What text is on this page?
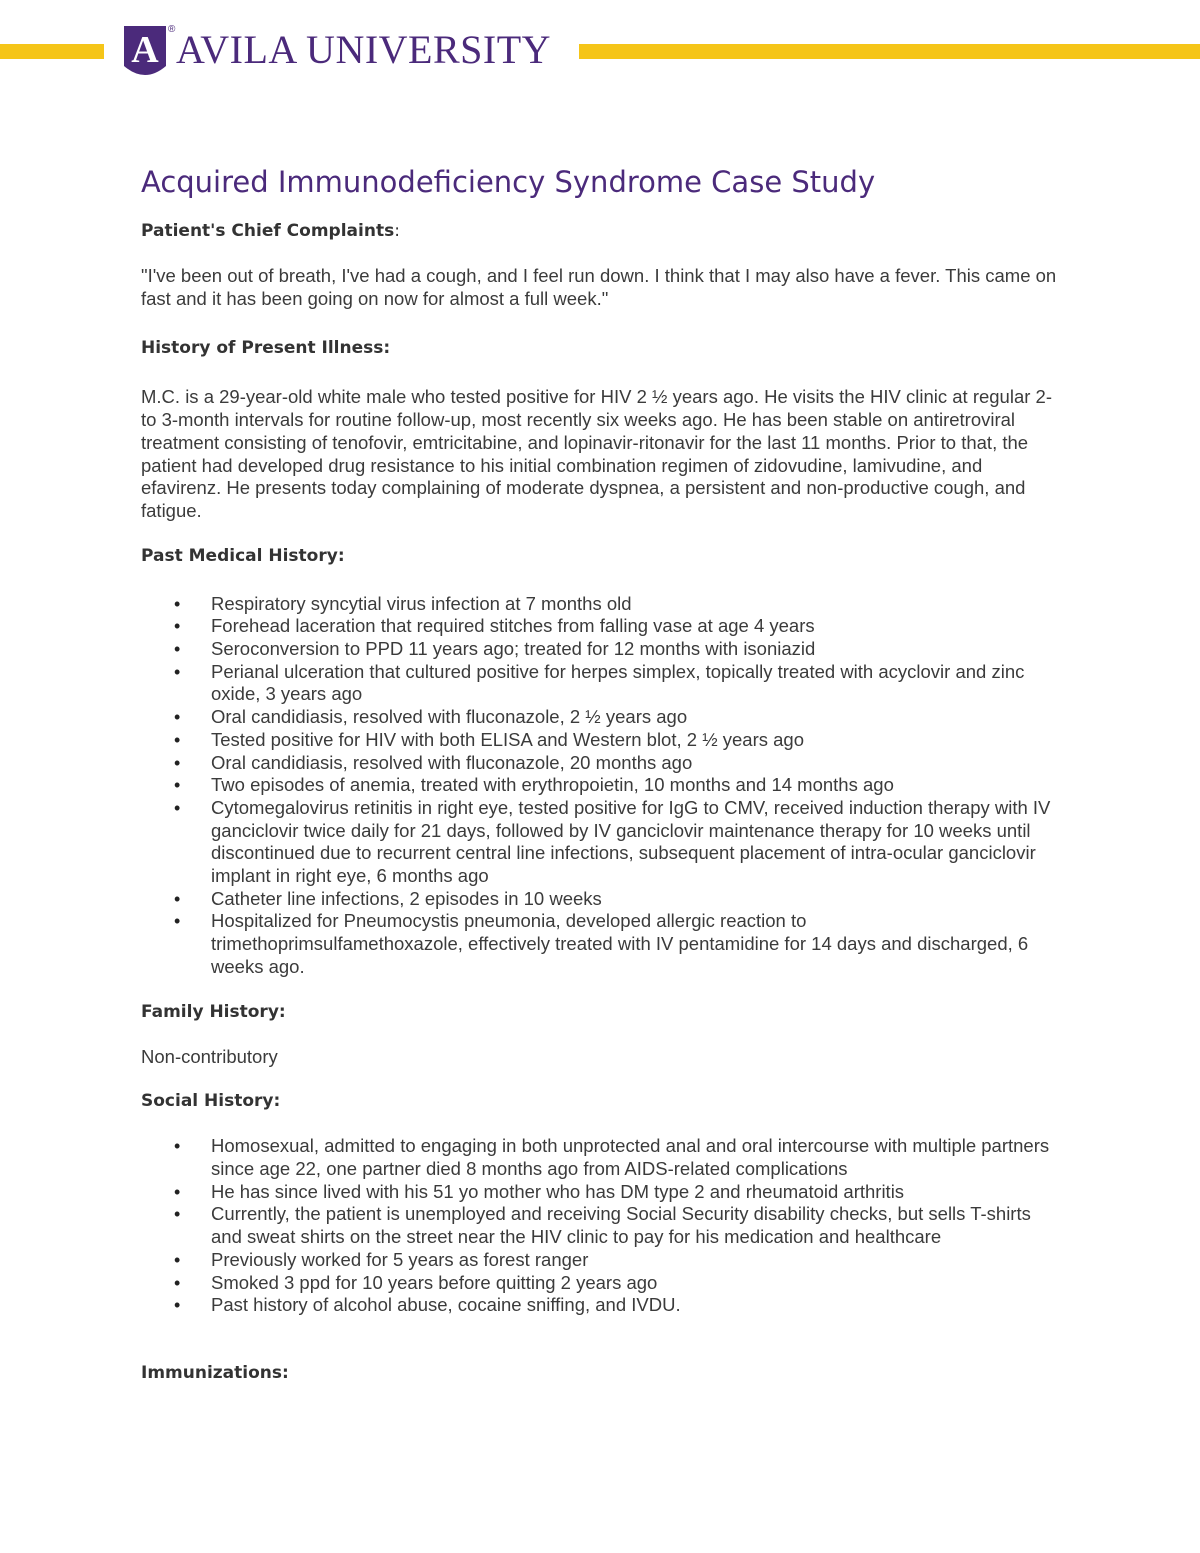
A ® AVILA UNIVERSITY
Acquired Immunodeficiency Syndrome Case Study
Patient's Chief Complaints:

"I've been out of breath, I've had a cough, and I feel run down. I think that I may also have a fever. This came on fast and it has been going on now for almost a full week."

History of Present Illness:

M.C. is a 29-year-old white male who tested positive for HIV 2 ½ years ago. He visits the HIV clinic at regular 2- to 3-month intervals for routine follow-up, most recently six weeks ago. He has been stable on antiretroviral treatment consisting of tenofovir, emtricitabine, and lopinavir-ritonavir for the last 11 months. Prior to that, the patient had developed drug resistance to his initial combination regimen of zidovudine, lamivudine, and efavirenz. He presents today complaining of moderate dyspnea, a persistent and non-productive cough, and fatigue.

Past Medical History:
• Respiratory syncytial virus infection at 7 months old
• Forehead laceration that required stitches from falling vase at age 4 years
• Seroconversion to PPD 11 years ago; treated for 12 months with isoniazid
• Perianal ulceration that cultured positive for herpes simplex, topically treated with acyclovir and zinc oxide, 3 years ago
• Oral candidiasis, resolved with fluconazole, 2 ½ years ago
• Tested positive for HIV with both ELISA and Western blot, 2 ½ years ago
• Oral candidiasis, resolved with fluconazole, 20 months ago
• Two episodes of anemia, treated with erythropoietin, 10 months and 14 months ago
• Cytomegalovirus retinitis in right eye, tested positive for IgG to CMV, received induction therapy with IV ganciclovir twice daily for 21 days, followed by IV ganciclovir maintenance therapy for 10 weeks until discontinued due to recurrent central line infections, subsequent placement of intra-ocular ganciclovir implant in right eye, 6 months ago
• Catheter line infections, 2 episodes in 10 weeks
• Hospitalized for Pneumocystis pneumonia, developed allergic reaction to trimethoprimsulfamethoxazole, effectively treated with IV pentamidine for 14 days and discharged, 6 weeks ago.
Family History:

Non-contributory

Social History:
• Homosexual, admitted to engaging in both unprotected anal and oral intercourse with multiple partners since age 22, one partner died 8 months ago from AIDS-related complications
• He has since lived with his 51 yo mother who has DM type 2 and rheumatoid arthritis
• Currently, the patient is unemployed and receiving Social Security disability checks, but sells T-shirts and sweat shirts on the street near the HIV clinic to pay for his medication and healthcare
• Previously worked for 5 years as forest ranger
• Smoked 3 ppd for 10 years before quitting 2 years ago
• Past history of alcohol abuse, cocaine sniffing, and IVDU.
Immunizations:
